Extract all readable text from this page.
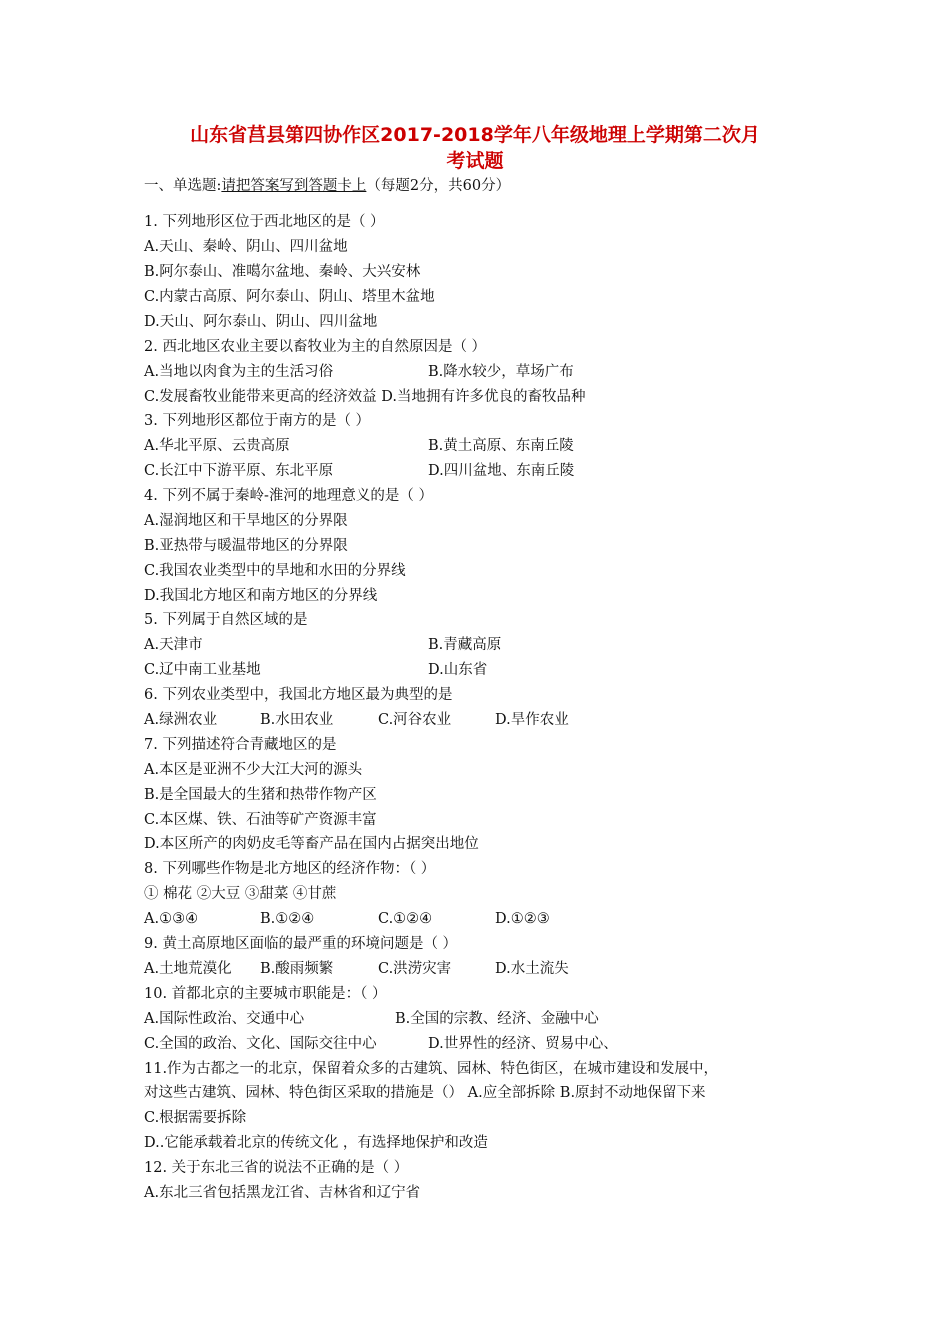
山东省莒县第四协作区2017-2018学年八年级地理上学期第二次月
考试题
一、单选题:请把答案写到答题卡上（每题2分，共60分）
1. 下列地形区位于西北地区的是（ ）
A.天山、秦岭、阴山、四川盆地
B.阿尔泰山、准噶尔盆地、秦岭、大兴安林
C.内蒙古高原、阿尔泰山、阴山、塔里木盆地
D.天山、阿尔泰山、阴山、四川盆地
2. 西北地区农业主要以畜牧业为主的自然原因是（ ）
A.当地以肉食为主的生活习俗	B.降水较少，草场广布
C.发展畜牧业能带来更高的经济效益 D.当地拥有许多优良的畜牧品种
3. 下列地形区都位于南方的是（ ）
A.华北平原、云贵高原	B.黄土高原、东南丘陵
C.长江中下游平原、东北平原	D.四川盆地、东南丘陵
4. 下列不属于秦岭-淮河的地理意义的是（ ）
A.湿润地区和干旱地区的分界限
B.亚热带与暖温带地区的分界限
C.我国农业类型中的旱地和水田的分界线
D.我国北方地区和南方地区的分界线
5. 下列属于自然区域的是
A.天津市	B.青藏高原
C.辽中南工业基地	D.山东省
6. 下列农业类型中，我国北方地区最为典型的是
A.绿洲农业	B.水田农业	C.河谷农业	D.旱作农业
7. 下列描述符合青藏地区的是
A.本区是亚洲不少大江大河的源头
B.是全国最大的生猪和热带作物产区
C.本区煤、铁、石油等矿产资源丰富
D.本区所产的肉奶皮毛等畜产品在国内占据突出地位
8. 下列哪些作物是北方地区的经济作物：（ ）
① 棉花 ②大豆 ③甜菜 ④甘蔗
A.①③④	B.①②④	C.①②④	D.①②③
9. 黄土高原地区面临的最严重的环境问题是（ ）
A.土地荒漠化 B.酸雨频繁	C.洪涝灾害	D.水土流失
10. 首都北京的主要城市职能是：（ ）
A.国际性政治、交通中心	B.全国的宗教、经济、金融中心
C.全国的政治、文化、国际交往中心	D.世界性的经济、贸易中心、
11.作为古都之一的北京，保留着众多的古建筑、园林、特色街区，在城市建设和发展中，
对这些古建筑、园林、特色街区采取的措施是（） A.应全部拆除 B.原封不动地保留下来
C.根据需要拆除
D..它能承载着北京的传统文化 ，有选择地保护和改造
12. 关于东北三省的说法不正确的是（ ）
A.东北三省包括黑龙江省、吉林省和辽宁省
